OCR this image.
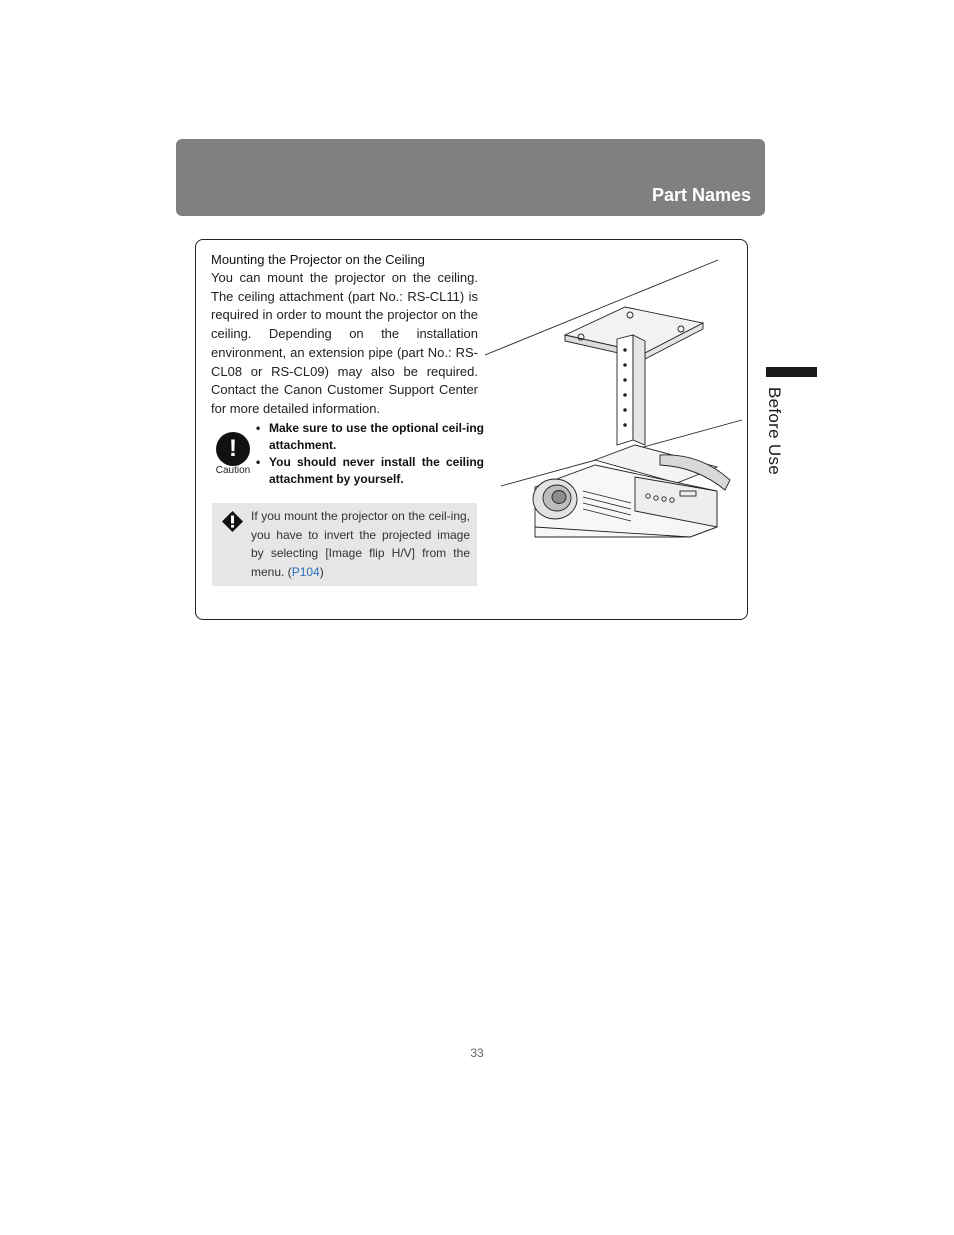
Part Names
Before Use
Mounting the Projector on the Ceiling
You can mount the projector on the ceiling. The ceiling attachment (part No.: RS-CL11) is required in order to mount the projector on the ceiling. Depending on the installation environment, an extension pipe (part No.: RS-CL08 or RS-CL09) may also be required. Contact the Canon Customer Support Center for more detailed information.
!
Caution
• Make sure to use the optional ceil-ing attachment.
• You should never install the ceiling attachment by yourself.
If you mount the projector on the ceil-ing, you have to invert the projected image by selecting [Image flip H/V] from the menu. (P104)
33
